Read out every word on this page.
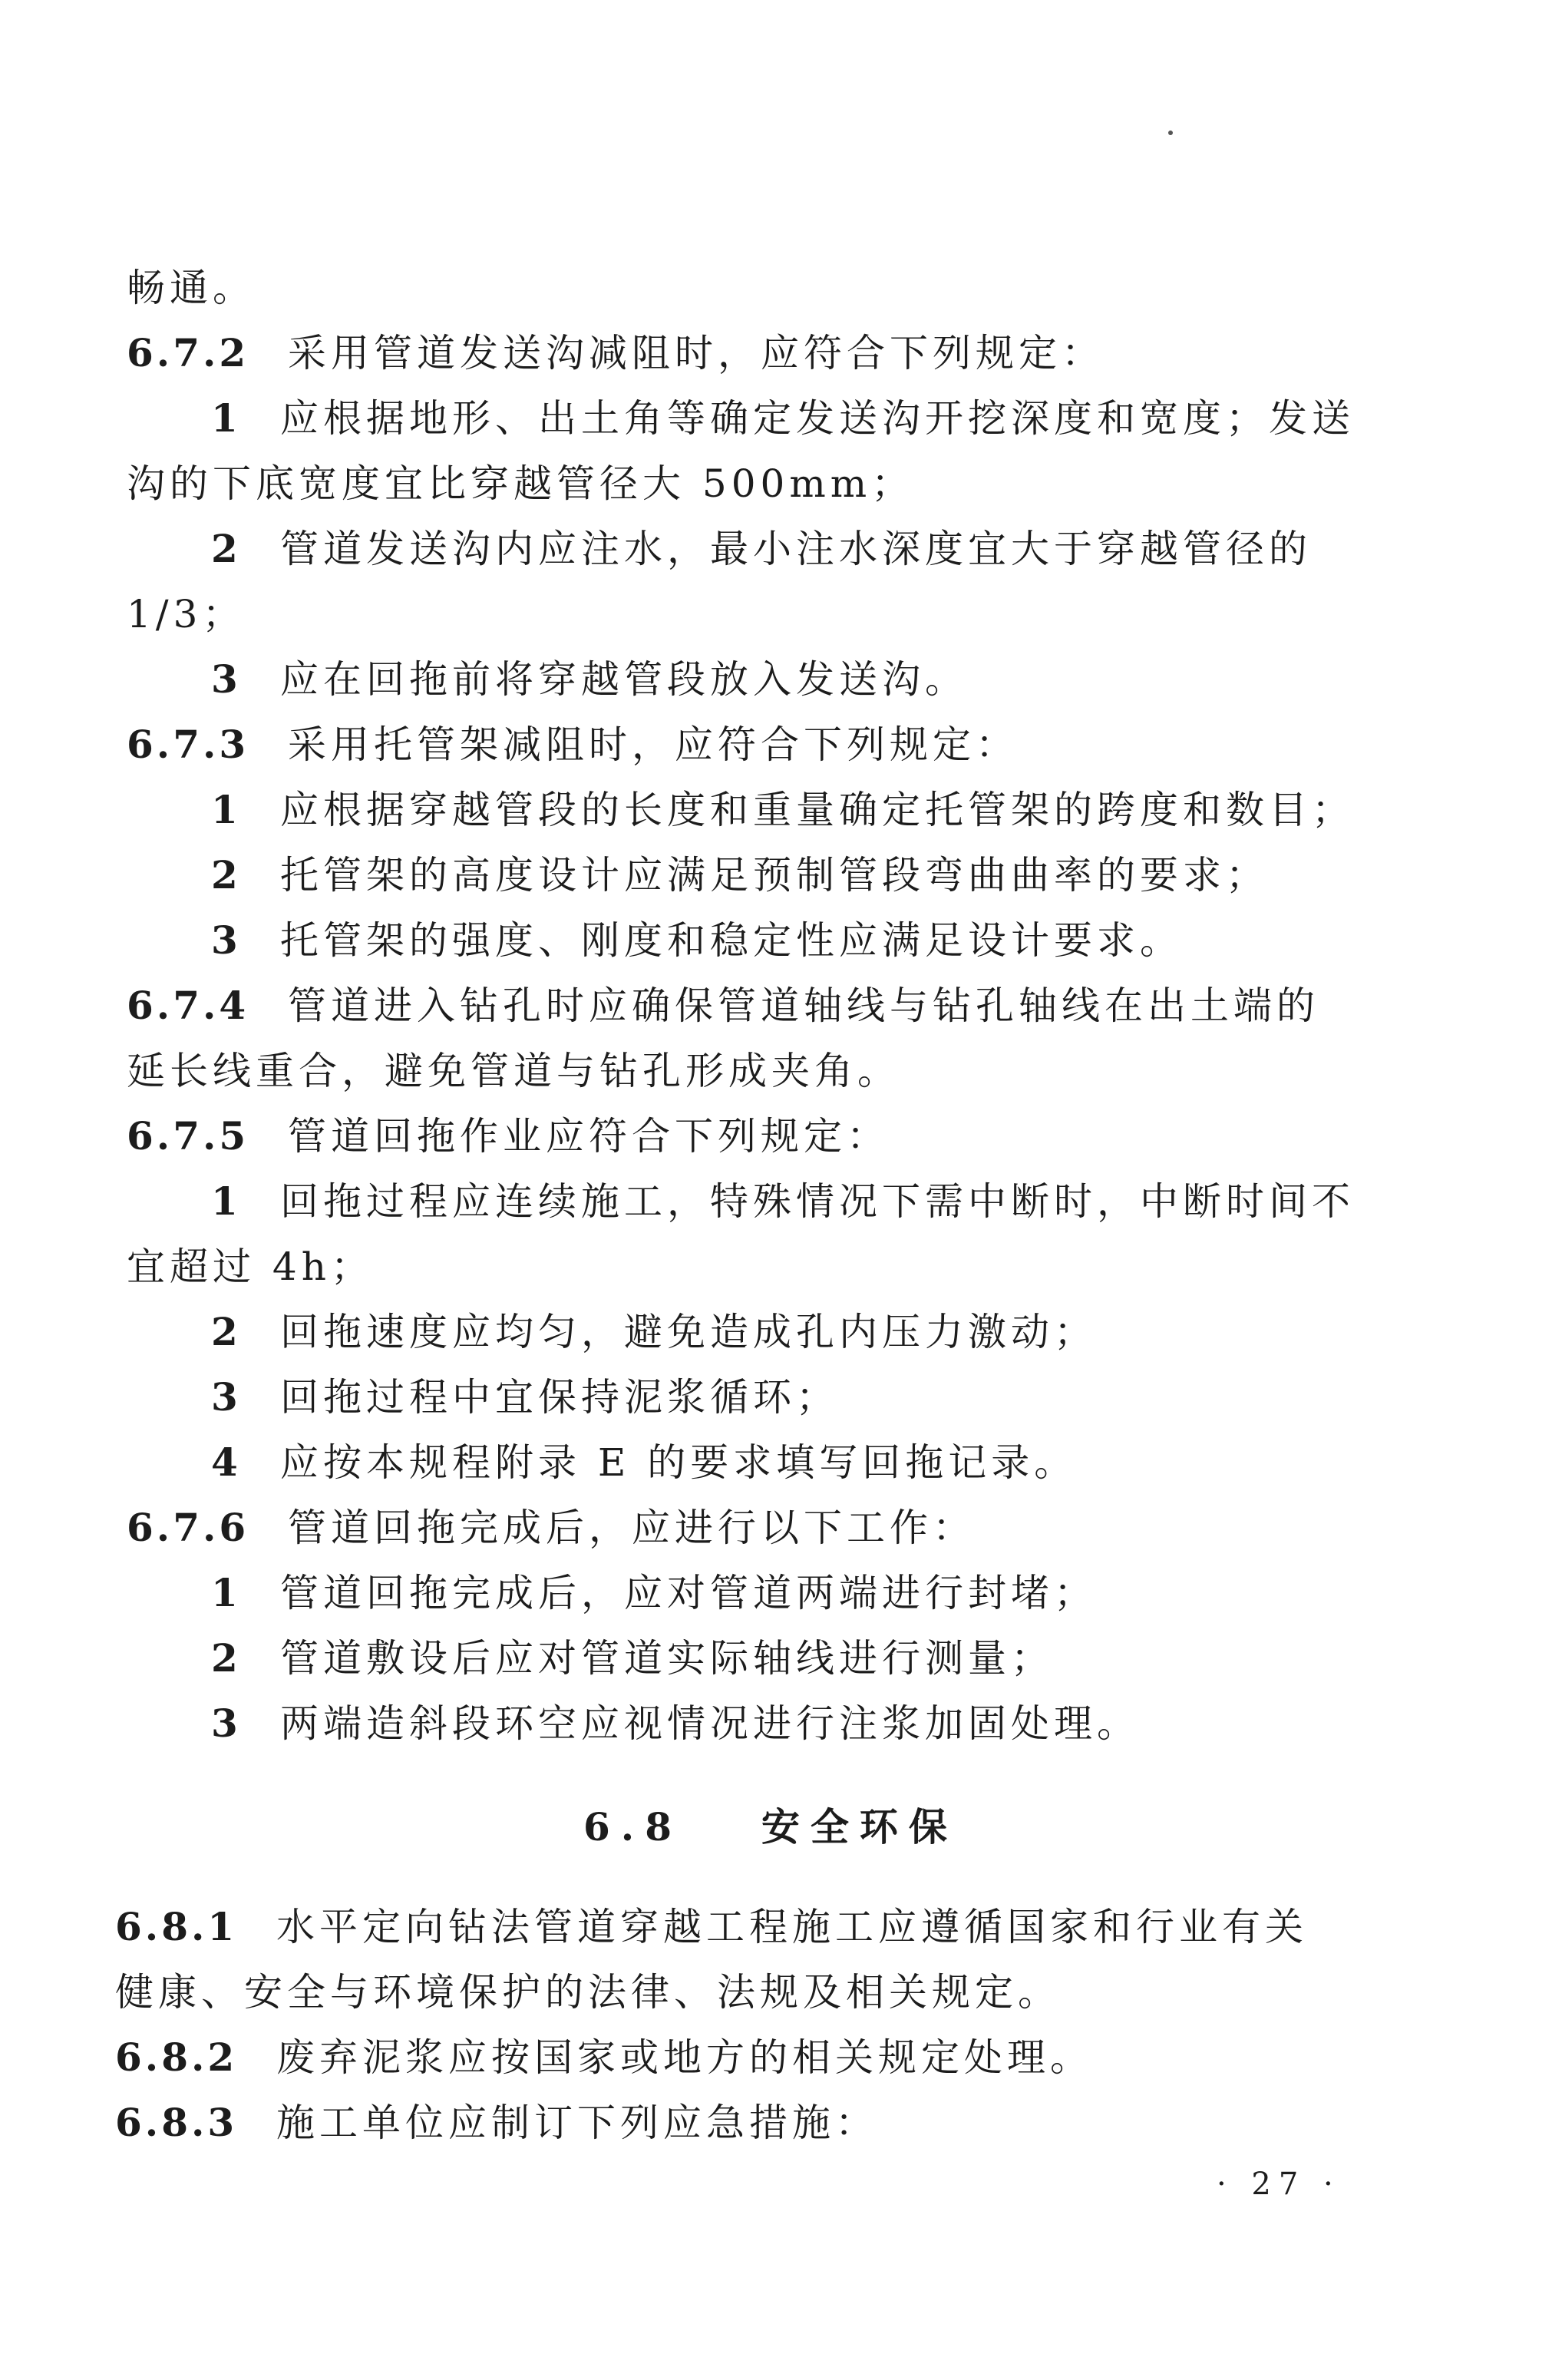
畅通。
6.7.2 采用管道发送沟减阻时，应符合下列规定：
1 应根据地形、出土角等确定发送沟开挖深度和宽度；发送
沟的下底宽度宜比穿越管径大 500mm；
2 管道发送沟内应注水，最小注水深度宜大于穿越管径的
1/3；
3 应在回拖前将穿越管段放入发送沟。
6.7.3 采用托管架减阻时，应符合下列规定：
1 应根据穿越管段的长度和重量确定托管架的跨度和数目；
2 托管架的高度设计应满足预制管段弯曲曲率的要求；
3 托管架的强度、刚度和稳定性应满足设计要求。
6.7.4 管道进入钻孔时应确保管道轴线与钻孔轴线在出土端的
延长线重合，避免管道与钻孔形成夹角。
6.7.5 管道回拖作业应符合下列规定：
1 回拖过程应连续施工，特殊情况下需中断时，中断时间不
宜超过 4h；
2 回拖速度应均匀，避免造成孔内压力激动；
3 回拖过程中宜保持泥浆循环；
4 应按本规程附录 E 的要求填写回拖记录。
6.7.6 管道回拖完成后，应进行以下工作：
1 管道回拖完成后，应对管道两端进行封堵；
2 管道敷设后应对管道实际轴线进行测量；
3 两端造斜段环空应视情况进行注浆加固处理。
6.8 安全环保
6.8.1 水平定向钻法管道穿越工程施工应遵循国家和行业有关
健康、安全与环境保护的法律、法规及相关规定。
6.8.2 废弃泥浆应按国家或地方的相关规定处理。
6.8.3 施工单位应制订下列应急措施：
· 27 ·
